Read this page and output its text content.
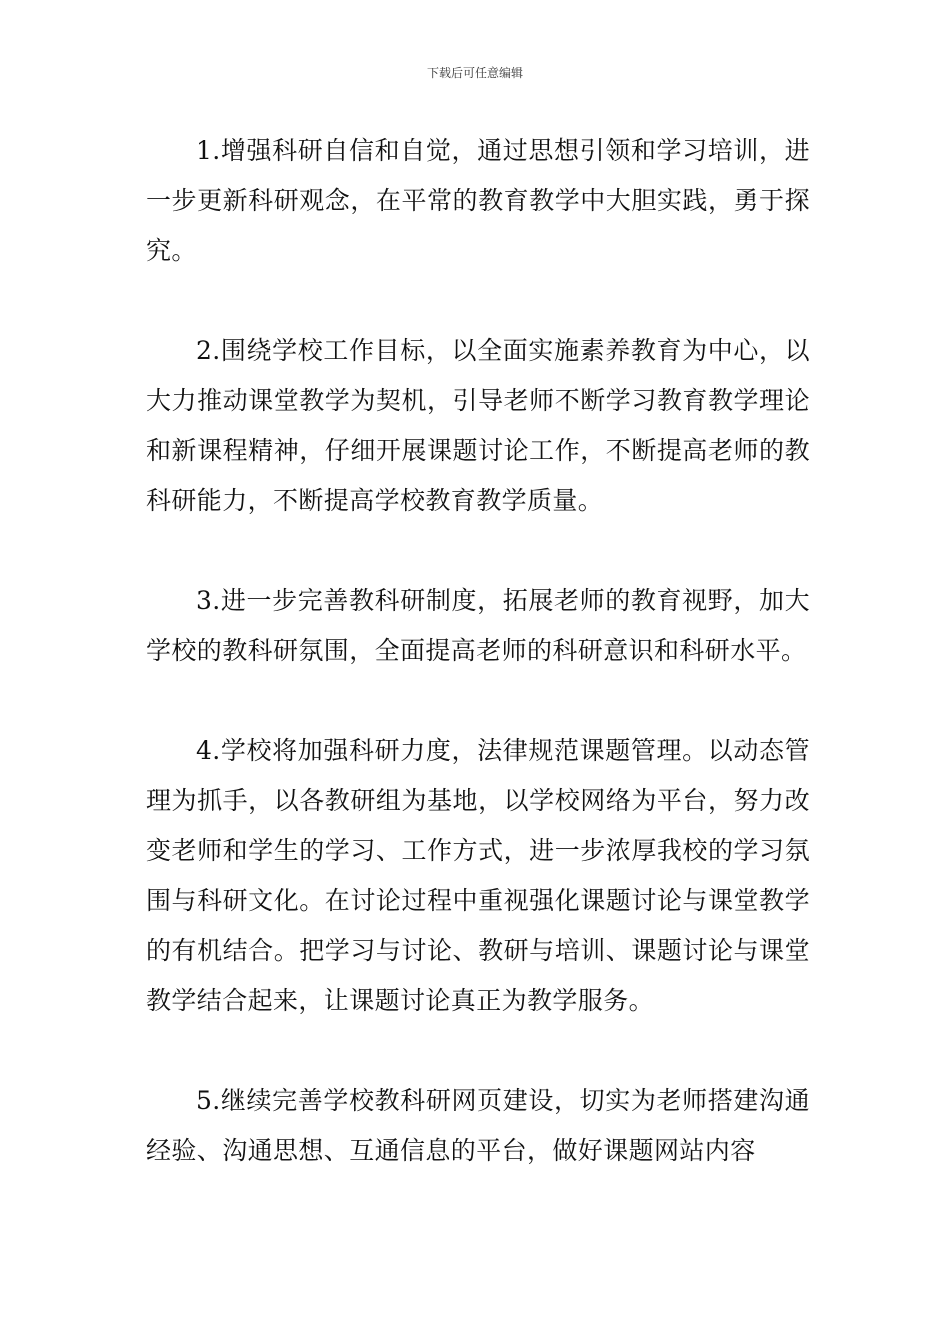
下载后可任意编辑

1.增强科研自信和自觉，通过思想引领和学习培训，进一步更新科研观念，在平常的教育教学中大胆实践，勇于探究。

2.围绕学校工作目标，以全面实施素养教育为中心，以大力推动课堂教学为契机，引导老师不断学习教育教学理论和新课程精神，仔细开展课题讨论工作，不断提高老师的教科研能力，不断提高学校教育教学质量。

3.进一步完善教科研制度，拓展老师的教育视野，加大学校的教科研氛围，全面提高老师的科研意识和科研水平。

4.学校将加强科研力度，法律规范课题管理。以动态管理为抓手，以各教研组为基地，以学校网络为平台，努力改变老师和学生的学习、工作方式，进一步浓厚我校的学习氛围与科研文化。在讨论过程中重视强化课题讨论与课堂教学的有机结合。把学习与讨论、教研与培训、课题讨论与课堂教学结合起来，让课题讨论真正为教学服务。

5.继续完善学校教科研网页建设，切实为老师搭建沟通经验、沟通思想、互通信息的平台，做好课题网站内容
